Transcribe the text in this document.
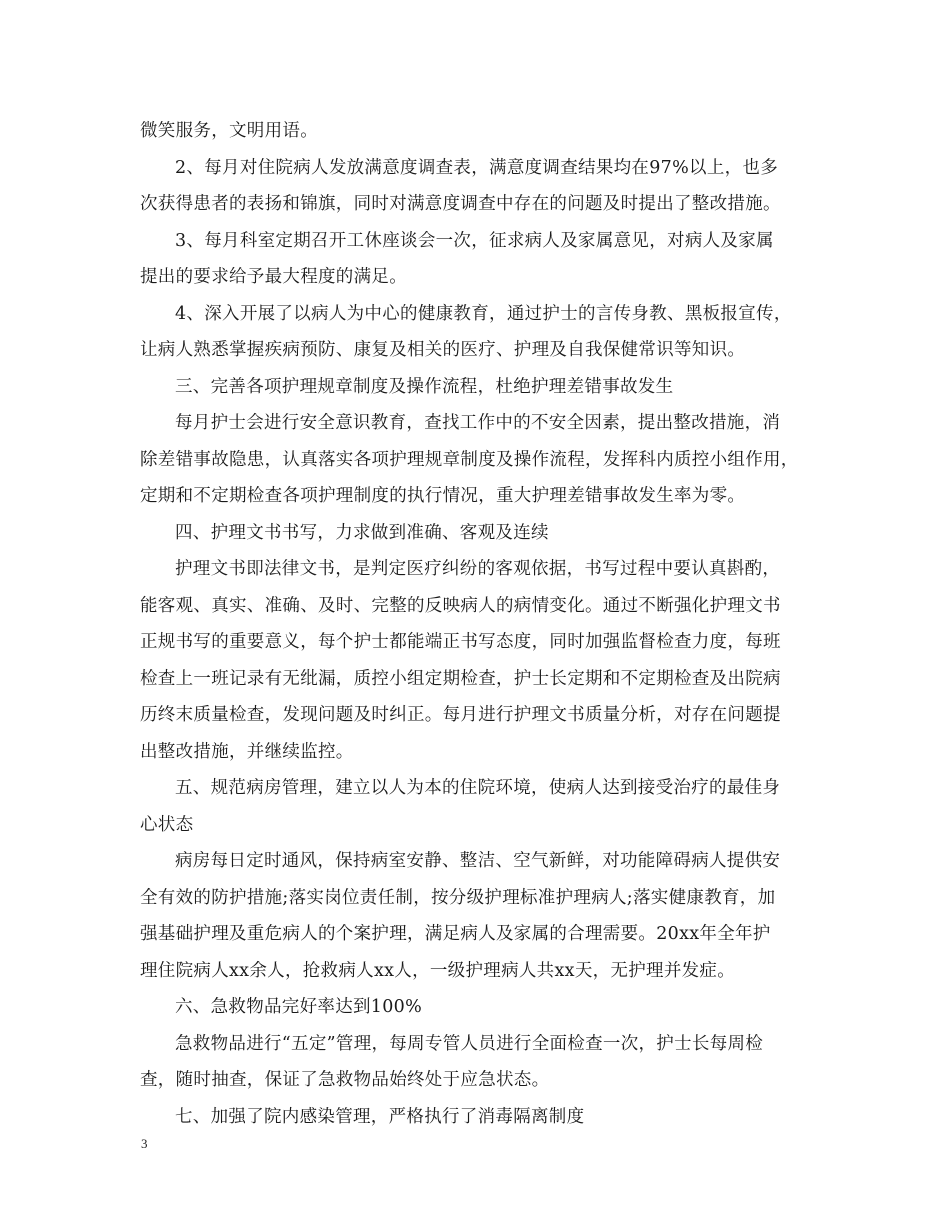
微笑服务，文明用语。
2、每月对住院病人发放满意度调查表，满意度调查结果均在97%以上，也多
次获得患者的表扬和锦旗，同时对满意度调查中存在的问题及时提出了整改措施。
3、每月科室定期召开工休座谈会一次，征求病人及家属意见，对病人及家属
提出的要求给予最大程度的满足。
4、深入开展了以病人为中心的健康教育，通过护士的言传身教、黑板报宣传，
让病人熟悉掌握疾病预防、康复及相关的医疗、护理及自我保健常识等知识。
三、完善各项护理规章制度及操作流程，杜绝护理差错事故发生
每月护士会进行安全意识教育，查找工作中的不安全因素，提出整改措施，消
除差错事故隐患，认真落实各项护理规章制度及操作流程，发挥科内质控小组作用，
定期和不定期检查各项护理制度的执行情况，重大护理差错事故发生率为零。
四、护理文书书写，力求做到准确、客观及连续
护理文书即法律文书，是判定医疗纠纷的客观依据，书写过程中要认真斟酌，
能客观、真实、准确、及时、完整的反映病人的病情变化。通过不断强化护理文书
正规书写的重要意义，每个护士都能端正书写态度，同时加强监督检查力度，每班
检查上一班记录有无纰漏，质控小组定期检查，护士长定期和不定期检查及出院病
历终末质量检查，发现问题及时纠正。每月进行护理文书质量分析，对存在问题提
出整改措施，并继续监控。
五、规范病房管理，建立以人为本的住院环境，使病人达到接受治疗的最佳身
心状态
病房每日定时通风，保持病室安静、整洁、空气新鲜，对功能障碍病人提供安
全有效的防护措施;落实岗位责任制，按分级护理标准护理病人;落实健康教育，加
强基础护理及重危病人的个案护理，满足病人及家属的合理需要。20xx年全年护
理住院病人xx余人，抢救病人xx人，一级护理病人共xx天，无护理并发症。
六、急救物品完好率达到100%
急救物品进行“五定”管理，每周专管人员进行全面检查一次，护士长每周检
查，随时抽查，保证了急救物品始终处于应急状态。
七、加强了院内感染管理，严格执行了消毒隔离制度
3
